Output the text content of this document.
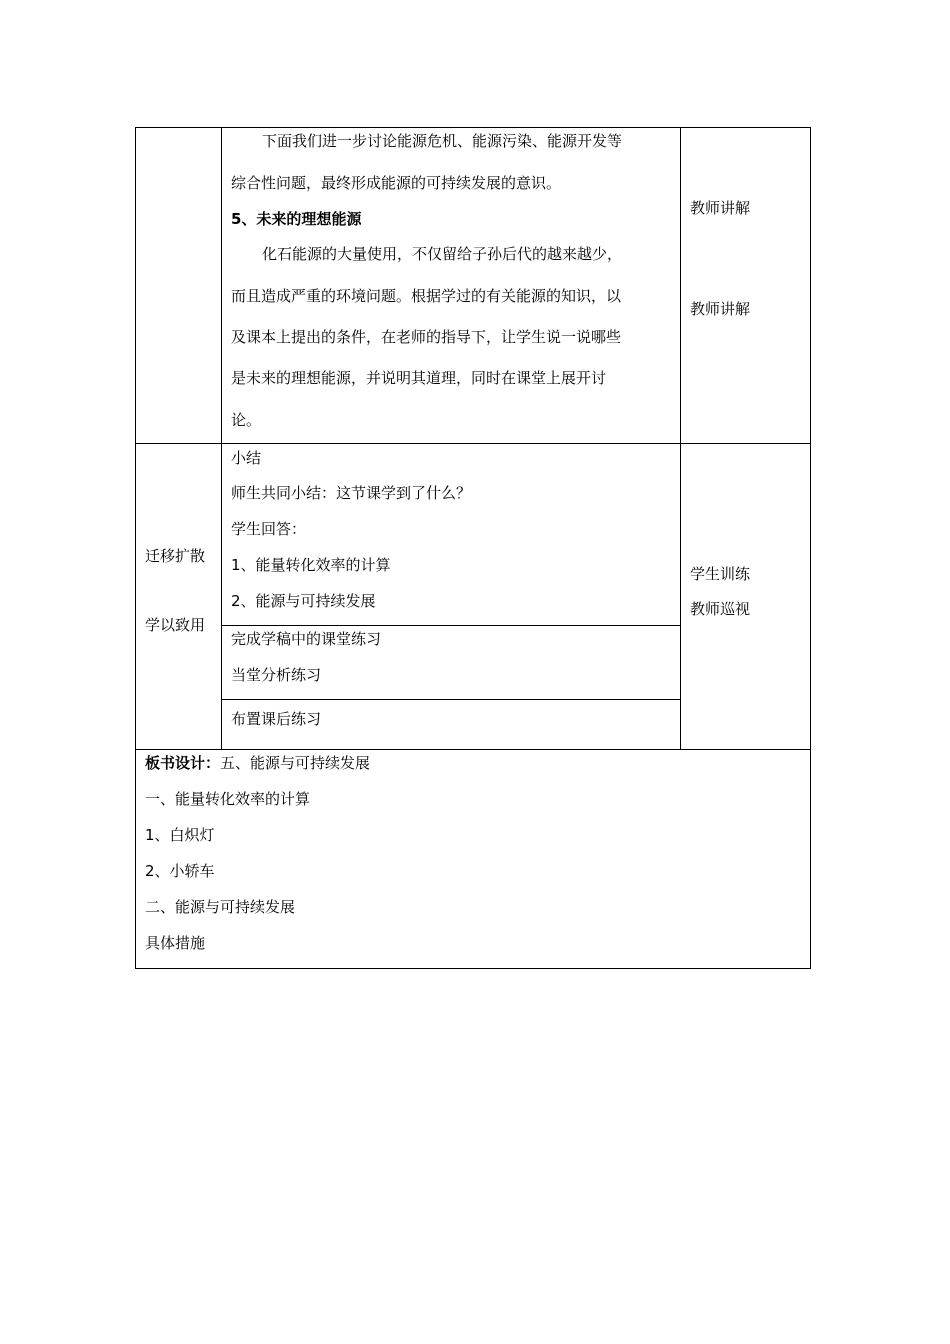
下面我们进一步讨论能源危机、能源污染、能源开发等
综合性问题，最终形成能源的可持续发展的意识。
5、未来的理想能源
化石能源的大量使用，不仅留给子孙后代的越来越少，
而且造成严重的环境问题。根据学过的有关能源的知识，以
及课本上提出的条件，在老师的指导下，让学生说一说哪些
是未来的理想能源，并说明其道理，同时在课堂上展开讨
论。
教师讲解
教师讲解
迁移扩散
学以致用
小结
师生共同小结：这节课学到了什么？
学生回答：
1、能量转化效率的计算
2、能源与可持续发展
完成学稿中的课堂练习
当堂分析练习
布置课后练习
学生训练
教师巡视
板书设计：五、能源与可持续发展
一、能量转化效率的计算
1、白炽灯
2、小轿车
二、能源与可持续发展
具体措施
